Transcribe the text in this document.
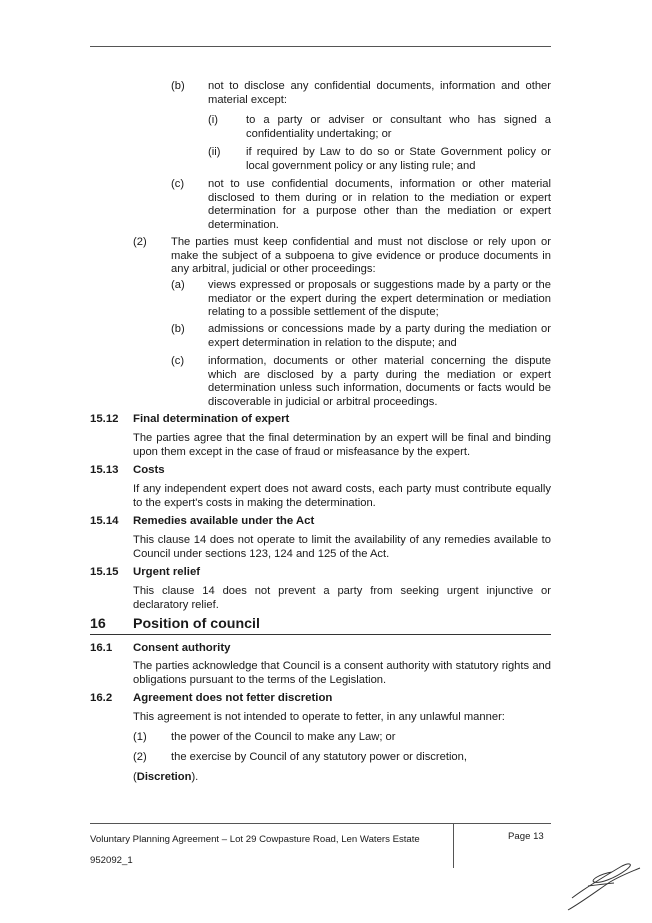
(b) not to disclose any confidential documents, information and other material except:
(i)	to a party or adviser or consultant who has signed a confidentiality undertaking; or
(ii) if required by Law to do so or State Government policy or local government policy or any listing rule; and
(c) not to use confidential documents, information or other material disclosed to them during or in relation to the mediation or expert determination for a purpose other than the mediation or expert determination.
(2) The parties must keep confidential and must not disclose or rely upon or make the subject of a subpoena to give evidence or produce documents in any arbitral, judicial or other proceedings:
(a) views expressed or proposals or suggestions made by a party or the mediator or the expert during the expert determination or mediation relating to a possible settlement of the dispute;
(b) admissions or concessions made by a party during the mediation or expert determination in relation to the dispute; and
(c) information, documents or other material concerning the dispute which are disclosed by a party during the mediation or expert determination unless such information, documents or facts would be discoverable in judicial or arbitral proceedings.
15.12 Final determination of expert
The parties agree that the final determination by an expert will be final and binding upon them except in the case of fraud or misfeasance by the expert.
15.13 Costs
If any independent expert does not award costs, each party must contribute equally to the expert's costs in making the determination.
15.14 Remedies available under the Act
This clause 14 does not operate to limit the availability of any remedies available to Council under sections 123, 124 and 125 of the Act.
15.15 Urgent relief
This clause 14 does not prevent a party from seeking urgent injunctive or declaratory relief.
16 Position of council
16.1 Consent authority
The parties acknowledge that Council is a consent authority with statutory rights and obligations pursuant to the terms of the Legislation.
16.2 Agreement does not fetter discretion
This agreement is not intended to operate to fetter, in any unlawful manner:
(1) the power of the Council to make any Law; or
(2) the exercise by Council of any statutory power or discretion,
(Discretion).
Voluntary Planning Agreement – Lot 29 Cowpasture Road, Len Waters Estate
952092_1
Page 13
